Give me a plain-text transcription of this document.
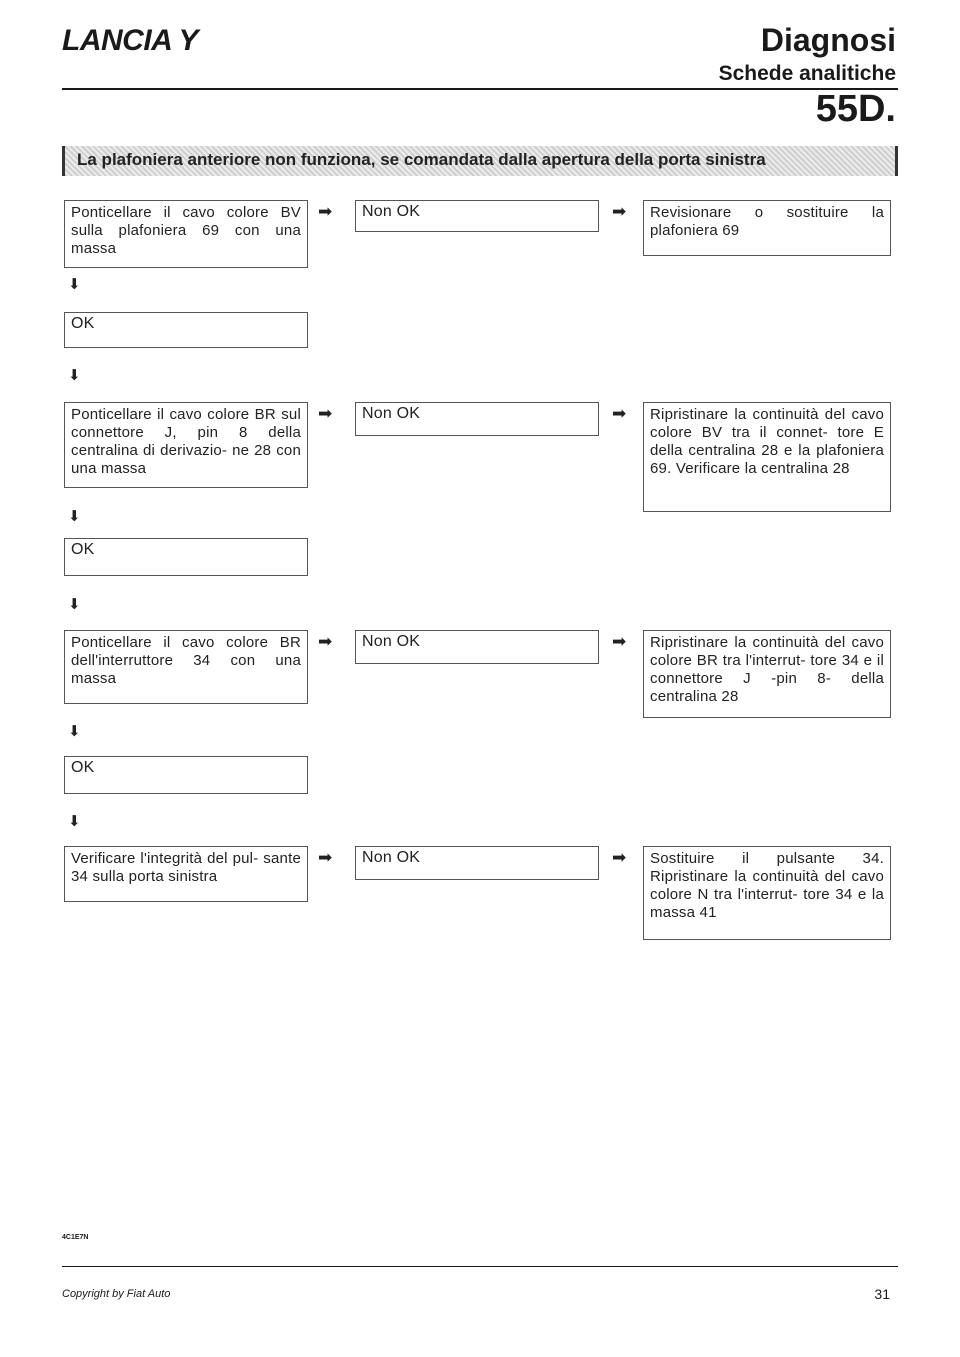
LANCIA Y	Diagnosi
Schede analitiche
55D.
La plafoniera anteriore non funziona, se comandata dalla apertura della porta sinistra
Ponticellare il cavo colore BV sulla plafoniera 69 con una massa
➡	Non OK	➡	Revisionare o sostituire la plafoniera 69
⬇
OK
⬇
Ponticellare il cavo colore BR sul connettore J, pin 8 della centralina di derivazio- ne 28 con una massa
➡	Non OK	➡	Ripristinare la continuità del cavo colore BV tra il connet- tore E della centralina 28 e la plafoniera 69. Verificare la centralina 28
⬇
OK
⬇
Ponticellare il cavo colore BR dell'interruttore 34 con una massa
➡	Non OK	➡	Ripristinare la continuità del cavo colore BR tra l'interrut- tore 34 e il connettore J -pin 8- della centralina 28
⬇
OK
⬇
Verificare l'integrità del pul- sante 34 sulla porta sinistra
➡	Non OK	➡	Sostituire il pulsante 34. Ripristinare la continuità del cavo colore N tra l'interrut- tore 34 e la massa 41
4C1E7N
Copyright by Fiat Auto	31
